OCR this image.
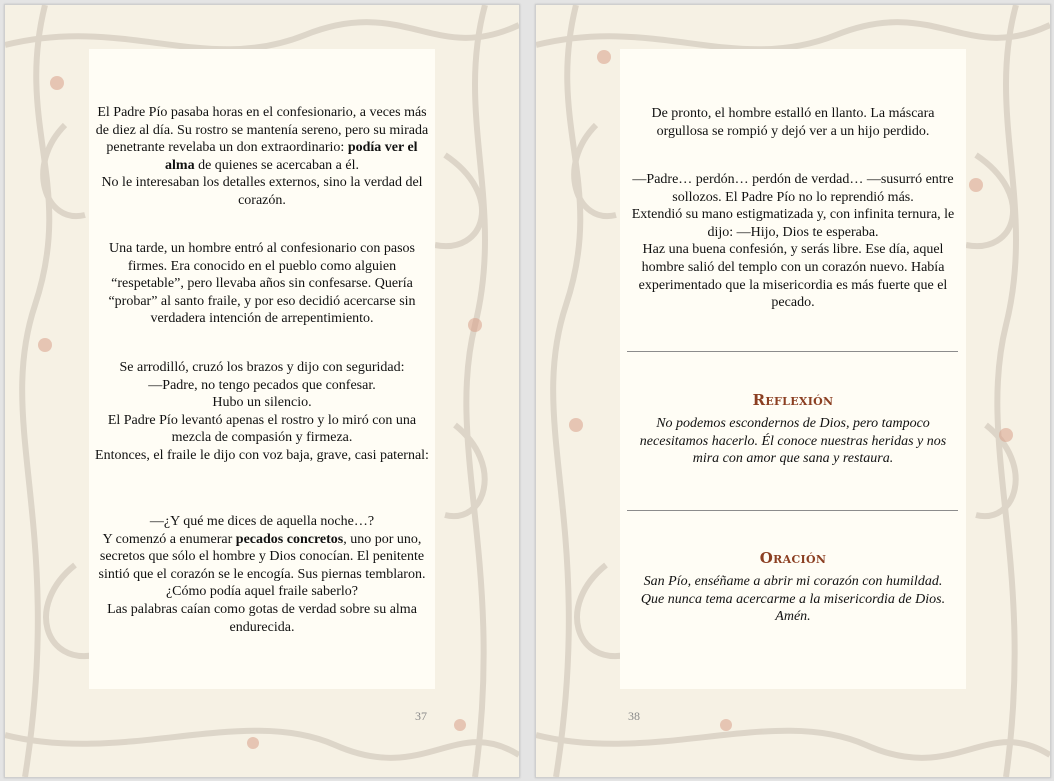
El Padre Pío pasaba horas en el confesionario, a veces más de diez al día. Su rostro se mantenía sereno, pero su mirada penetrante revelaba un don extraordinario: podía ver el alma de quienes se acercaban a él.

No le interesaban los detalles externos, sino la verdad del corazón.

Una tarde, un hombre entró al confesionario con pasos firmes. Era conocido en el pueblo como alguien “respetable”, pero llevaba años sin confesarse. Quería “probar” al santo fraile, y por eso decidió acercarse sin verdadera intención de arrepentimiento.

Se arrodilló, cruzó los brazos y dijo con seguridad:

—Padre, no tengo pecados que confesar.

Hubo un silencio.

El Padre Pío levantó apenas el rostro y lo miró con una mezcla de compasión y firmeza.

Entonces, el fraile le dijo con voz baja, grave, casi paternal:

—¿Y qué me dices de aquella noche…?

Y comenzó a enumerar pecados concretos, uno por uno, secretos que sólo el hombre y Dios conocían. El penitente sintió que el corazón se le encogía. Sus piernas temblaron.

¿Cómo podía aquel fraile saberlo?

Las palabras caían como gotas de verdad sobre su alma endurecida.

37

De pronto, el hombre estalló en llanto. La máscara orgullosa se rompió y dejó ver a un hijo perdido.

—Padre… perdón… perdón de verdad… —susurró entre sollozos. El Padre Pío no lo reprendió más.

Extendió su mano estigmatizada y, con infinita ternura, le dijo: —Hijo, Dios te esperaba.

Haz una buena confesión, y serás libre. Ese día, aquel hombre salió del templo con un corazón nuevo. Había experimentado que la misericordia es más fuerte que el pecado.

Reflexión

No podemos escondernos de Dios, pero tampoco necesitamos hacerlo. Él conoce nuestras heridas y nos mira con amor que sana y restaura.

Oración

San Pío, enséñame a abrir mi corazón con humildad.

Que nunca tema acercarme a la misericordia de Dios.

Amén.

38
